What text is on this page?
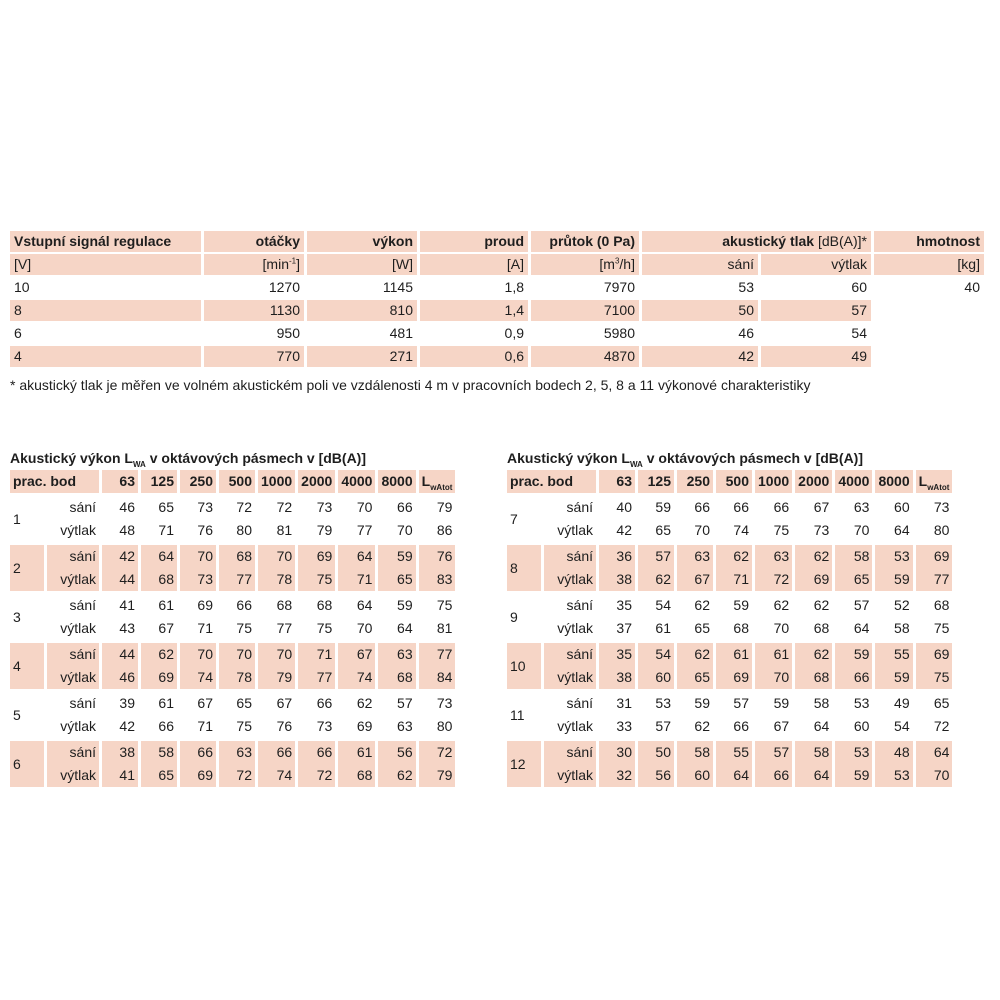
Vstupní signál regulace	otáčky	výkon	proud	průtok (0 Pa)	akustický tlak [dB(A)]*		hmotnost
[V]	$[\min^{-1}]$	[W]	[A]	$[m^3/h]$	sání	výtlak	[kg]
10	1270	1145	1,8	7970	53	60	40
8	1130	810	1,4	7100	50	57	
6	950	481	0,9	5980	46	54	
4	770	271	0,6	4870	42	49	
* akustický tlak je měřen ve volném akustickém poli ve vzdálenosti 4 m v pracovních bodech 2, 5, 8 a 11 výkonové charakteristiky
Akustický výkon $L_{WA}$ v oktávových pásmech v [dB(A)]
prac. bod		63	125	250	500	1000	2000	4000	8000	$L_{wAtot}$

1	sání	46	65	73	72	72	73	70	66	79
	výtlak	48	71	76	80	81	79	77	70	86

2	sání	42	64	70	68	70	69	64	59	76
	výtlak	44	68	73	77	78	75	71	65	83

3	sání	41	61	69	66	68	68	64	59	75
	výtlak	43	67	71	75	77	75	70	64	81

4	sání	44	62	70	70	70	71	67	63	77
	výtlak	46	69	74	78	79	77	74	68	84

5	sání	39	61	67	65	67	66	62	57	73
	výtlak	42	66	71	75	76	73	69	63	80

6	sání	38	58	66	63	66	66	61	56	72
	výtlak	41	65	69	72	74	72	68	62	79

Akustický výkon $L_{WA}$ v oktávových pásmech v [dB(A)]
prac. bod		63	125	250	500	1000	2000	4000	8000	$L_{wAtot}$

7	sání	40	59	66	66	66	67	63	60	73
	výtlak	42	65	70	74	75	73	70	64	80

8	sání	36	57	63	62	63	62	58	53	69
	výtlak	38	62	67	71	72	69	65	59	77

9	sání	35	54	62	59	62	62	57	52	68
	výtlak	37	61	65	68	70	68	64	58	75

10	sání	35	54	62	61	61	62	59	55	69
	výtlak	38	60	65	69	70	68	66	59	75

11	sání	31	53	59	57	59	58	53	49	65
	výtlak	33	57	62	66	67	64	60	54	72

12	sání	30	50	58	55	57	58	53	48	64
	výtlak	32	56	60	64	66	64	59	53	70
